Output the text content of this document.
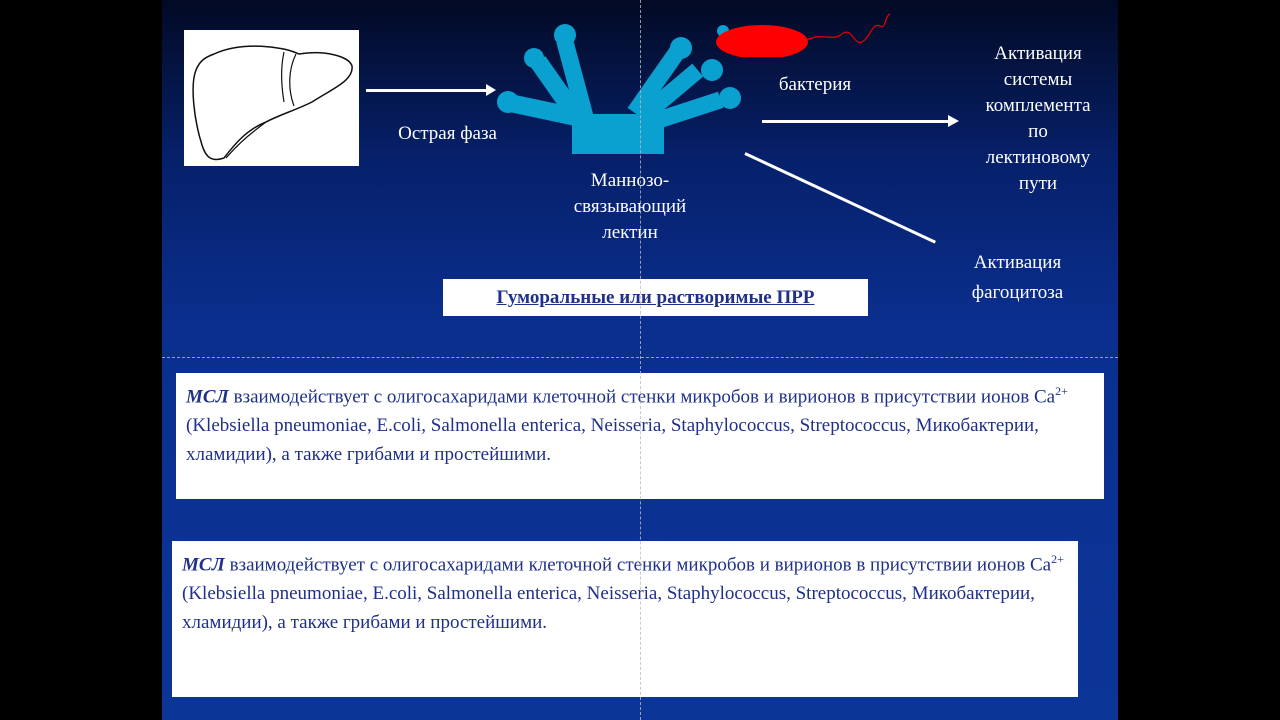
Острая фаза
Маннозо-
связывающий
лектин
бактерия
Активация
системы
комплемента
по
лектиновому
пути
Активация
фагоцитоза
Гуморальные или растворимые ПРР
МСЛ взаимодействует с олигосахаридами клеточной стенки микробов и вирионов в присутствии ионов $Ca^{2+}$ (Klebsiella pneumoniae, E.coli, Salmonella enterica, Neisseria, Staphylococcus, Streptococcus, Микобактерии, хламидии), а также грибами и простейшими.
МСЛ взаимодействует с олигосахаридами клеточной стенки микробов и вирионов в присутствии ионов $Ca^{2+}$ (Klebsiella pneumoniae, E.coli, Salmonella enterica, Neisseria, Staphylococcus, Streptococcus, Микобактерии, хламидии), а также грибами и простейшими.
